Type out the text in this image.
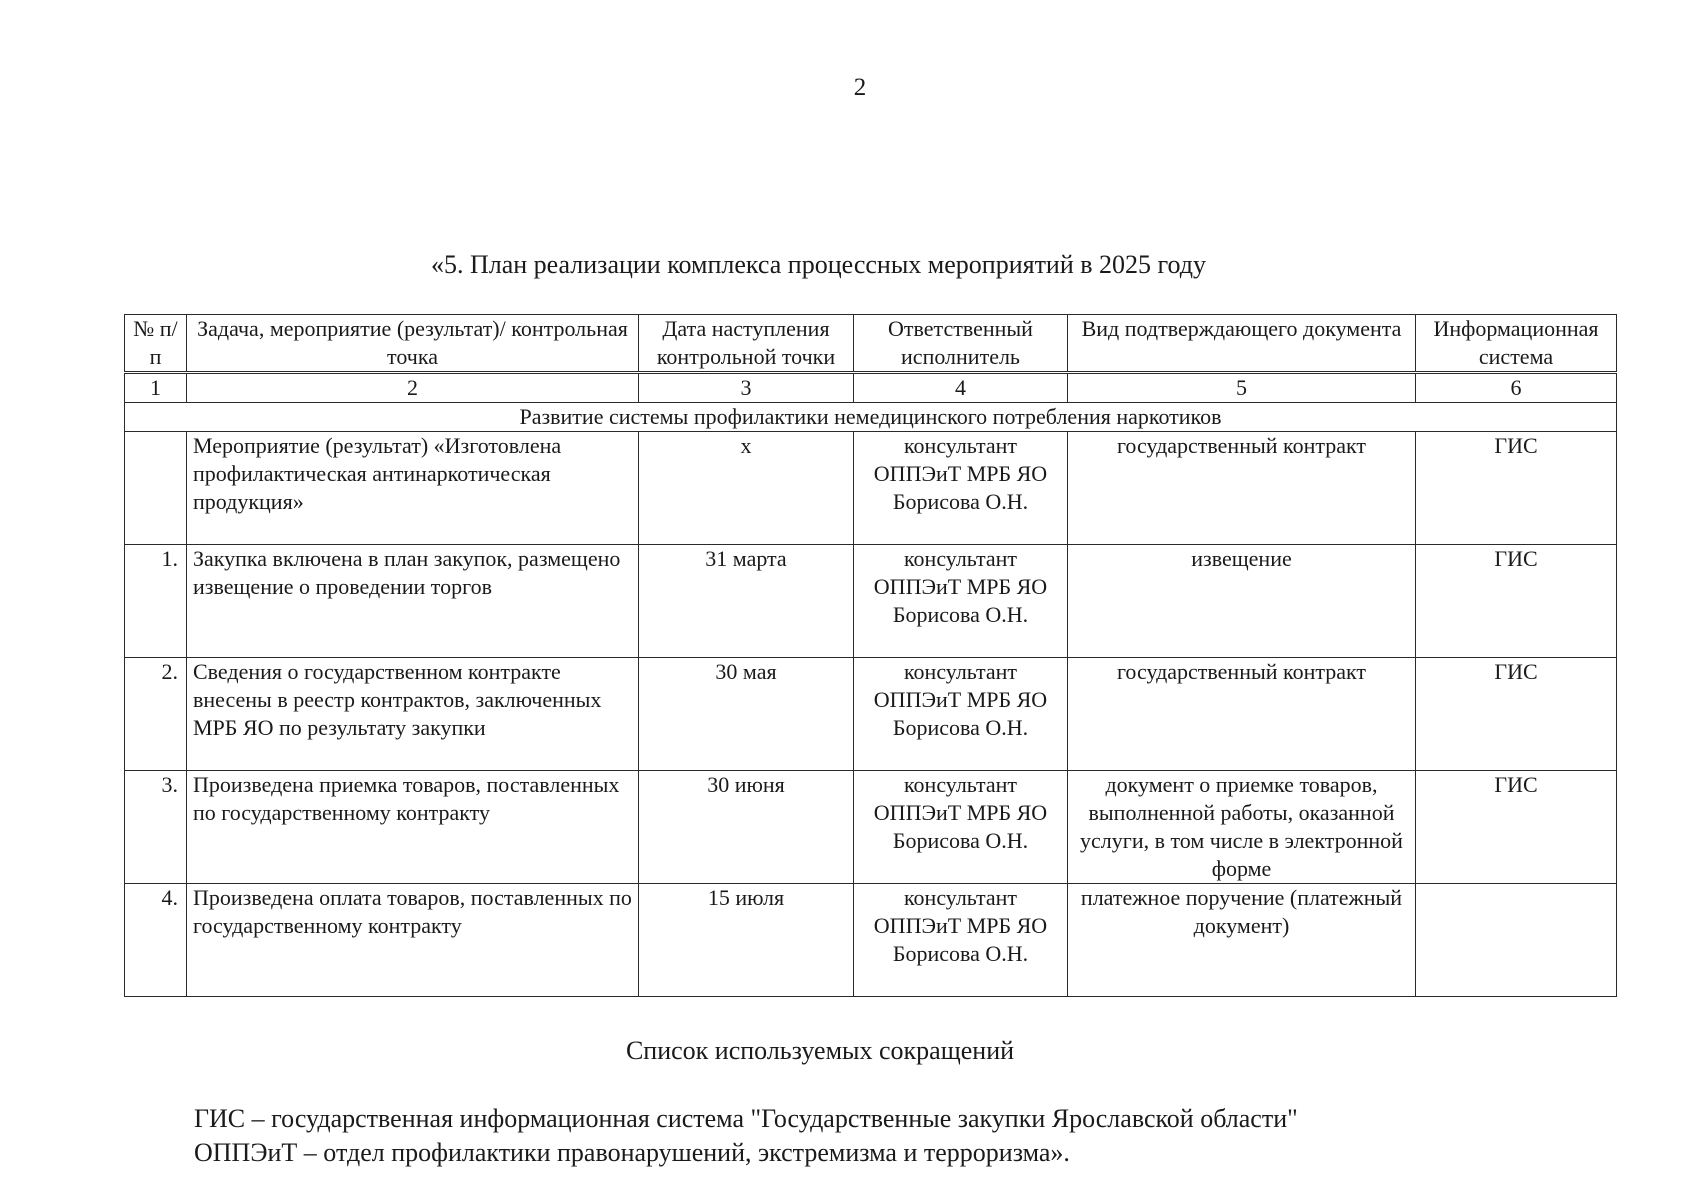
2
«5. План реализации комплекса процессных мероприятий в 2025 году
№ п/п	Задача, мероприятие (результат)/ контрольная точка	Дата наступления контрольной точки	Ответственный исполнитель	Вид подтверждающего документа	Информационная система
1	2	3	4	5	6
Развитие системы профилактики немедицинского потребления наркотиков					
	Мероприятие (результат) «Изготовлена профилактическая антинаркотическая продукция»	х	консультант ОППЭиТ МРБ ЯО Борисова О.Н.	государственный контракт	ГИС
1.	Закупка включена в план закупок, размещено извещение о проведении торгов	31 марта	консультант ОППЭиТ МРБ ЯО Борисова О.Н.	извещение	ГИС
2.	Сведения о государственном контракте внесены в реестр контрактов, заключенных МРБ ЯО по результату закупки	30 мая	консультант ОППЭиТ МРБ ЯО Борисова О.Н.	государственный контракт	ГИС
3.	Произведена приемка товаров, поставленных по государственному контракту	30 июня	консультант ОППЭиТ МРБ ЯО Борисова О.Н.	документ о приемке товаров, выполненной работы, оказанной услуги, в том числе в электронной форме	ГИС
4.	Произведена оплата товаров, поставленных по государственному контракту	15 июля	консультант ОППЭиТ МРБ ЯО Борисова О.Н.	платежное поручение (платежный документ)	
Список используемых сокращений
ГИС – государственная информационная система "Государственные закупки Ярославской области"
ОППЭиТ – отдел профилактики правонарушений, экстремизма и терроризма».
